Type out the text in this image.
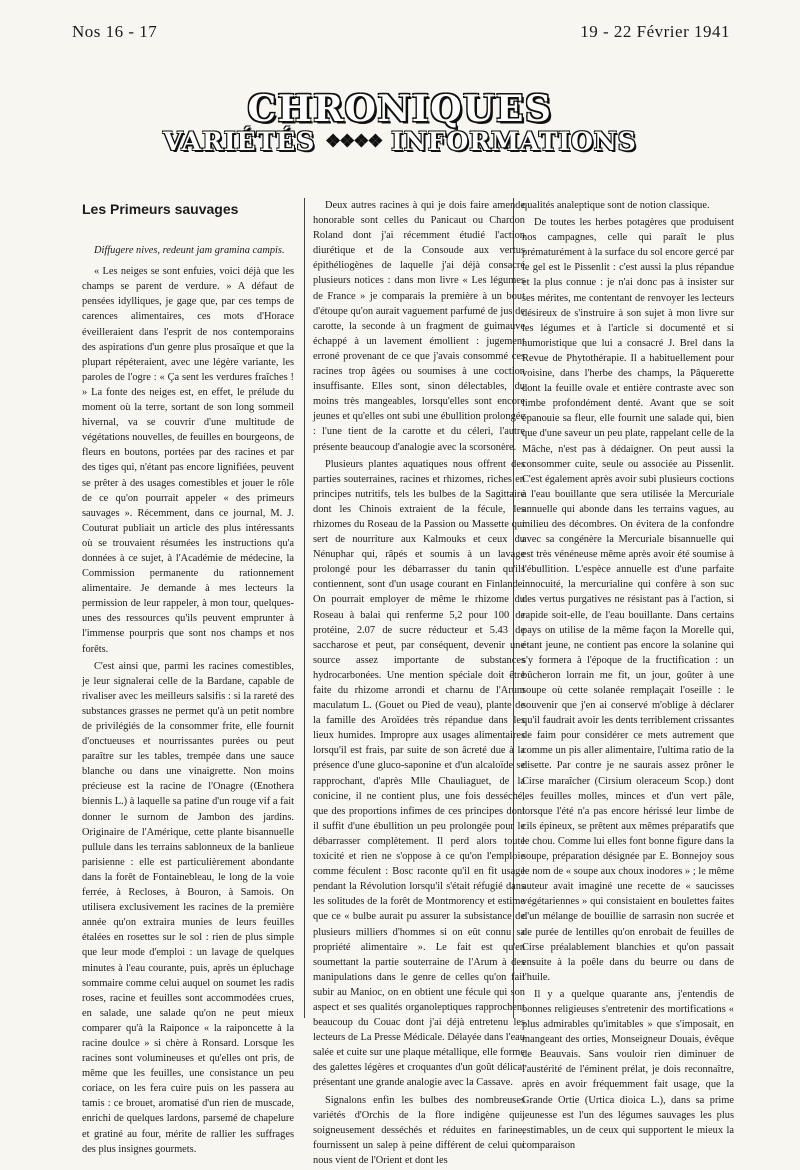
Nos 16 - 17	19 - 22 Février 1941
CHRONIQUES
VARIÉTÉS ❖❖❖❖ INFORMATIONS
Les Primeurs sauvages

Diffugere nives, redeunt jam gramina campis.

« Les neiges se sont enfuies, voici déjà que les champs se parent de verdure. » A défaut de pensées idylliques, je gage que, par ces temps de carences alimentaires, ces mots d'Horace éveilleraient dans l'esprit de nos contemporains des aspirations d'un genre plus prosaïque et que la plupart répéteraient, avec une légère variante, les paroles de l'ogre : « Ça sent les verdures fraîches ! » La fonte des neiges est, en effet, le prélude du moment où la terre, sortant de son long sommeil hivernal, va se couvrir d'une multitude de végétations nouvelles, de feuilles en bourgeons, de fleurs en boutons, portées par des racines et par des tiges qui, n'étant pas encore lignifiées, peuvent se prêter à des usages comestibles et jouer le rôle de ce qu'on pourrait appeler « des primeurs sauvages ». Récemment, dans ce journal, M. J. Couturat publiait un article des plus intéressants où se trouvaient résumées les instructions qu'a données à ce sujet, à l'Académie de médecine, la Commission permanente du rationnement alimentaire. Je demande à mes lecteurs la permission de leur rappeler, à mon tour, quelques-unes des ressources qu'ils peuvent emprunter à l'immense pourpris que sont nos champs et nos forêts.

C'est ainsi que, parmi les racines comestibles, je leur signalerai celle de la Bardane, capable de rivaliser avec les meilleurs salsifis : si la rareté des substances grasses ne permet qu'à un petit nombre de privilégiés de la consommer frite, elle fournit d'onctueuses et nourrissantes purées ou peut paraître sur les tables, trempée dans une sauce blanche ou dans une vinaigrette. Non moins précieuse est la racine de l'Onagre (Œnothera biennis L.) à laquelle sa patine d'un rouge vif a fait donner le surnom de Jambon des jardins. Originaire de l'Amérique, cette plante bisannuelle pullule dans les terrains sablonneux de la banlieue parisienne : elle est particulièrement abondante dans la forêt de Fontainebleau, le long de la voie ferrée, à Recloses, à Bouron, à Samois. On utilisera exclusivement les racines de la première année qu'on extraira munies de leurs feuilles étalées en rosettes sur le sol : rien de plus simple que leur mode d'emploi : un lavage de quelques minutes à l'eau courante, puis, après un épluchage sommaire comme celui auquel on soumet les radis roses, racine et feuilles sont accommodées crues, en salade, une salade qu'on ne peut mieux comparer qu'à la Raiponce « la raiponcette à la racine doulce » si chère à Ronsard. Lorsque les racines sont volumineuses et qu'elles ont pris, de même que les feuilles, une consistance un peu coriace, on les fera cuire puis on les passera au tamis : ce brouet, aromatisé d'un rien de muscade, enrichi de quelques lardons, parsemé de chapelure et gratiné au four, mérite de rallier les suffrages des plus insignes gourmets.

Deux autres racines à qui je dois faire amende honorable sont celles du Panicaut ou Chardon Roland dont j'ai récemment étudié l'action diurétique et de la Consoude aux vertus épithéliogènes de laquelle j'ai déjà consacré plusieurs notices : dans mon livre « Les légumes de France » je comparais la première à un bout d'étoupe qu'on aurait vaguement parfumé de jus de carotte, la seconde à un fragment de guimauve échappé à un lavement émollient : jugement erroné provenant de ce que j'avais consommé ces racines trop âgées ou soumises à une coction insuffisante. Elles sont, sinon délectables, du moins très mangeables, lorsqu'elles sont encore jeunes et qu'elles ont subi une ébullition prolongée : l'une tient de la carotte et du céleri, l'autre présente beaucoup d'analogie avec la scorsonère.

Plusieurs plantes aquatiques nous offrent des parties souterraines, racines et rhizomes, riches en principes nutritifs, tels les bulbes de la Sagittaire dont les Chinois extraient de la fécule, les rhizomes du Roseau de la Passion ou Massette qui sert de nourriture aux Kalmouks et ceux du Nénuphar qui, râpés et soumis à un lavage prolongé pour les débarrasser du tanin qu'ils contiennent, sont d'un usage courant en Finlande. On pourrait employer de même le rhizome du Roseau à balai qui renferme 5,2 pour 100 de protéine, 2.07 de sucre réducteur et 5.43 de saccharose et peut, par conséquent, devenir une source assez importante de substances hydrocarbonées. Une mention spéciale doit être faite du rhizome arrondi et charnu de l'Arum maculatum L. (Gouet ou Pied de veau), plante de la famille des Aroïdées très répandue dans les lieux humides. Impropre aux usages alimentaires lorsqu'il est frais, par suite de son âcreté due à la présence d'une gluco-saponine et d'un alcaloïde se rapprochant, d'après Mlle Chauliaguet, de la conicine, il ne contient plus, une fois desséché, que des proportions infimes de ces principes dont il suffit d'une ébullition un peu prolongée pour le débarrasser complètement. Il perd alors toute toxicité et rien ne s'oppose à ce qu'on l'emploie comme féculent : Bosc raconte qu'il en fit usage pendant la Révolution lorsqu'il s'était réfugié dans les solitudes de la forêt de Montmorency et estime que ce « bulbe aurait pu assurer la subsistance de plusieurs milliers d'hommes si on eût connu sa propriété alimentaire ». Le fait est qu'en soumettant la partie souterraine de l'Arum à des manipulations dans le genre de celles qu'on fait subir au Manioc, on en obtient une fécule qui son aspect et ses qualités organoleptiques rapprochent beaucoup du Couac dont j'ai déjà entretenu les lecteurs de La Presse Médicale. Délayée dans l'eau salée et cuite sur une plaque métallique, elle forme des galettes légères et croquantes d'un goût délicat présentant une grande analogie avec la Cassave.

Signalons enfin les bulbes des nombreuses variétés d'Orchis de la flore indigène qui, soigneusement desséchés et réduites en farine, fournissent un salep à peine différent de celui qui nous vient de l'Orient et dont les

qualités analeptique sont de notion classique.

De toutes les herbes potagères que produisent nos campagnes, celle qui paraît le plus prématurément à la surface du sol encore gercé par le gel est le Pissenlit : c'est aussi la plus répandue et la plus connue : je n'ai donc pas à insister sur ses mérites, me contentant de renvoyer les lecteurs désireux de s'instruire à son sujet à mon livre sur les légumes et à l'article si documenté et si humoristique que lui a consacré J. Brel dans la Revue de Phytothérapie. Il a habituellement pour voisine, dans l'herbe des champs, la Pâquerette dont la feuille ovale et entière contraste avec son limbe profondément denté. Avant que se soit épanouie sa fleur, elle fournit une salade qui, bien que d'une saveur un peu plate, rappelant celle de la Mâche, n'est pas à dédaigner. On peut aussi la consommer cuite, seule ou associée au Pissenlit. C'est également après avoir subi plusieurs coctions à l'eau bouillante que sera utilisée la Mercuriale annuelle qui abonde dans les terrains vagues, au milieu des décombres. On évitera de la confondre avec sa congénère la Mercuriale bisannuelle qui est très vénéneuse même après avoir été soumise à l'ébullition. L'espèce annuelle est d'une parfaite innocuité, la mercurialine qui confère à son suc des vertus purgatives ne résistant pas à l'action, si rapide soit-elle, de l'eau bouillante. Dans certains pays on utilise de la même façon la Morelle qui, étant jeune, ne contient pas encore la solanine qui s'y formera à l'époque de la fructification : un bûcheron lorrain me fit, un jour, goûter à une soupe où cette solanée remplaçait l'oseille : le souvenir que j'en ai conservé m'oblige à déclarer qu'il faudrait avoir les dents terriblement crissantes de faim pour considérer ce mets autrement que comme un pis aller alimentaire, l'ultima ratio de la disette. Par contre je ne saurais assez prôner le Cirse maraîcher (Cirsium oleraceum Scop.) dont les feuilles molles, minces et d'un vert pâle, lorsque l'été n'a pas encore hérissé leur limbe de cils épineux, se prêtent aux mêmes préparatifs que le chou. Comme lui elles font bonne figure dans la soupe, préparation désignée par E. Bonnejoy sous le nom de « soupe aux choux inodores » ; le même auteur avait imaginé une recette de « saucisses végétariennes » qui consistaient en boulettes faites d'un mélange de bouillie de sarrasin non sucrée et de purée de lentilles qu'on enrobait de feuilles de Cirse préalablement blanchies et qu'on passait ensuite à la poêle dans du beurre ou dans de l'huile.

Il y a quelque quarante ans, j'entendis de bonnes religieuses s'entretenir des mortifications « plus admirables qu'imitables » que s'imposait, en mangeant des orties, Monseigneur Douais, évêque de Beauvais. Sans vouloir rien diminuer de l'austérité de l'éminent prélat, je dois reconnaître, après en avoir fréquemment fait usage, que la Grande Ortie (Urtica dioica L.), dans sa prime jeunesse est l'un des légumes sauvages les plus estimables, un de ceux qui supportent le mieux la comparaison
